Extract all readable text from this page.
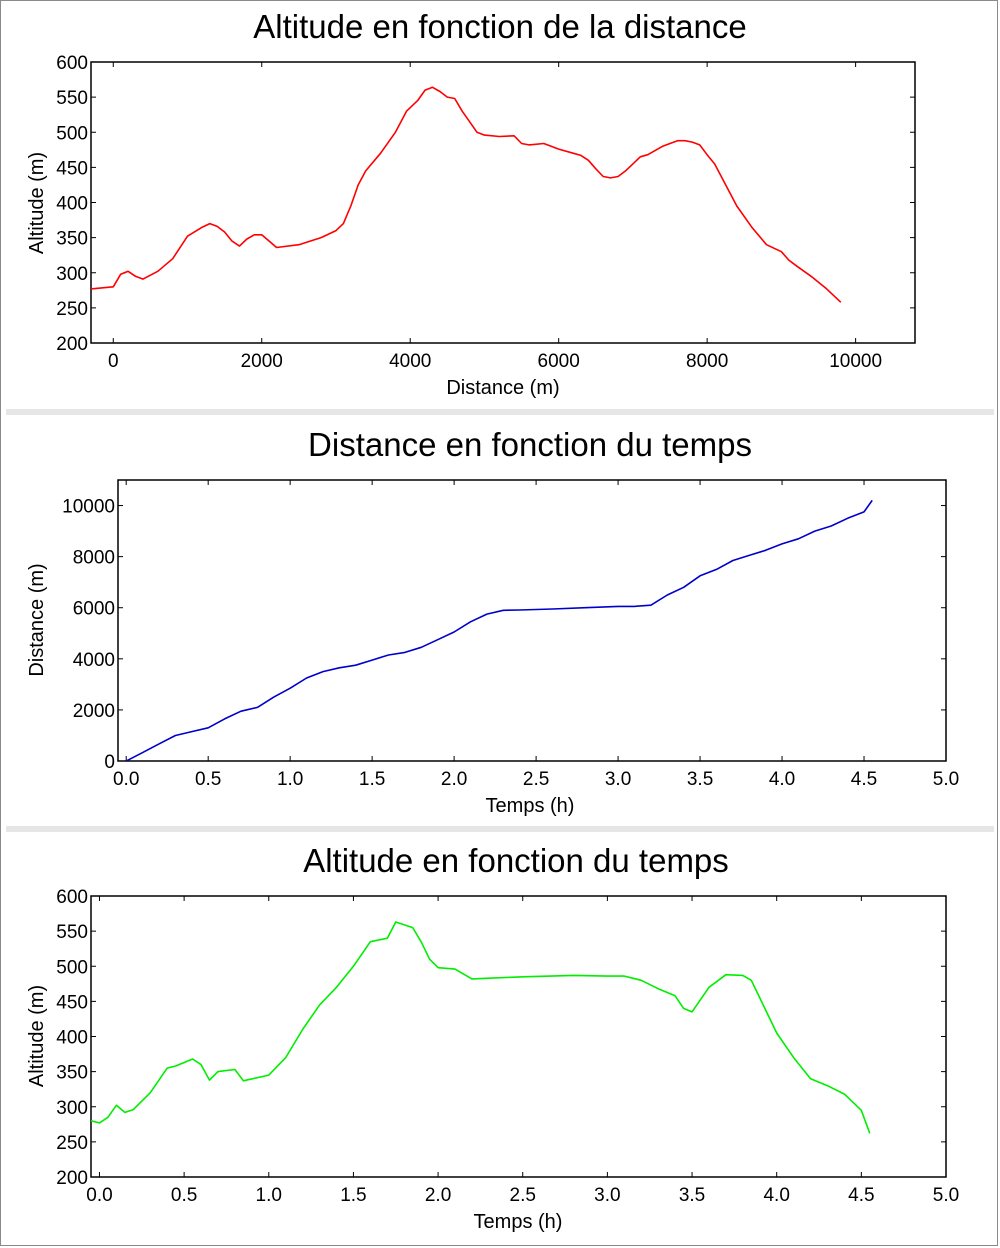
Altitude en fonction de la distance
0	2000	4000	6000	8000	10000
200
250
300
350
400
450
500
550
600
Distance (m)
Altitude (m)
Distance en fonction du temps
0.0	0.5	1.0	1.5	2.0	2.5	3.0	3.5	4.0	4.5	5.0
0
2000
4000
6000
8000
10000
Temps (h)
Distance (m)
Altitude en fonction du temps
0.0	0.5	1.0	1.5	2.0	2.5	3.0	3.5	4.0	4.5	5.0
200
250
300
350
400
450
500
550
600
Temps (h)
Altitude (m)
